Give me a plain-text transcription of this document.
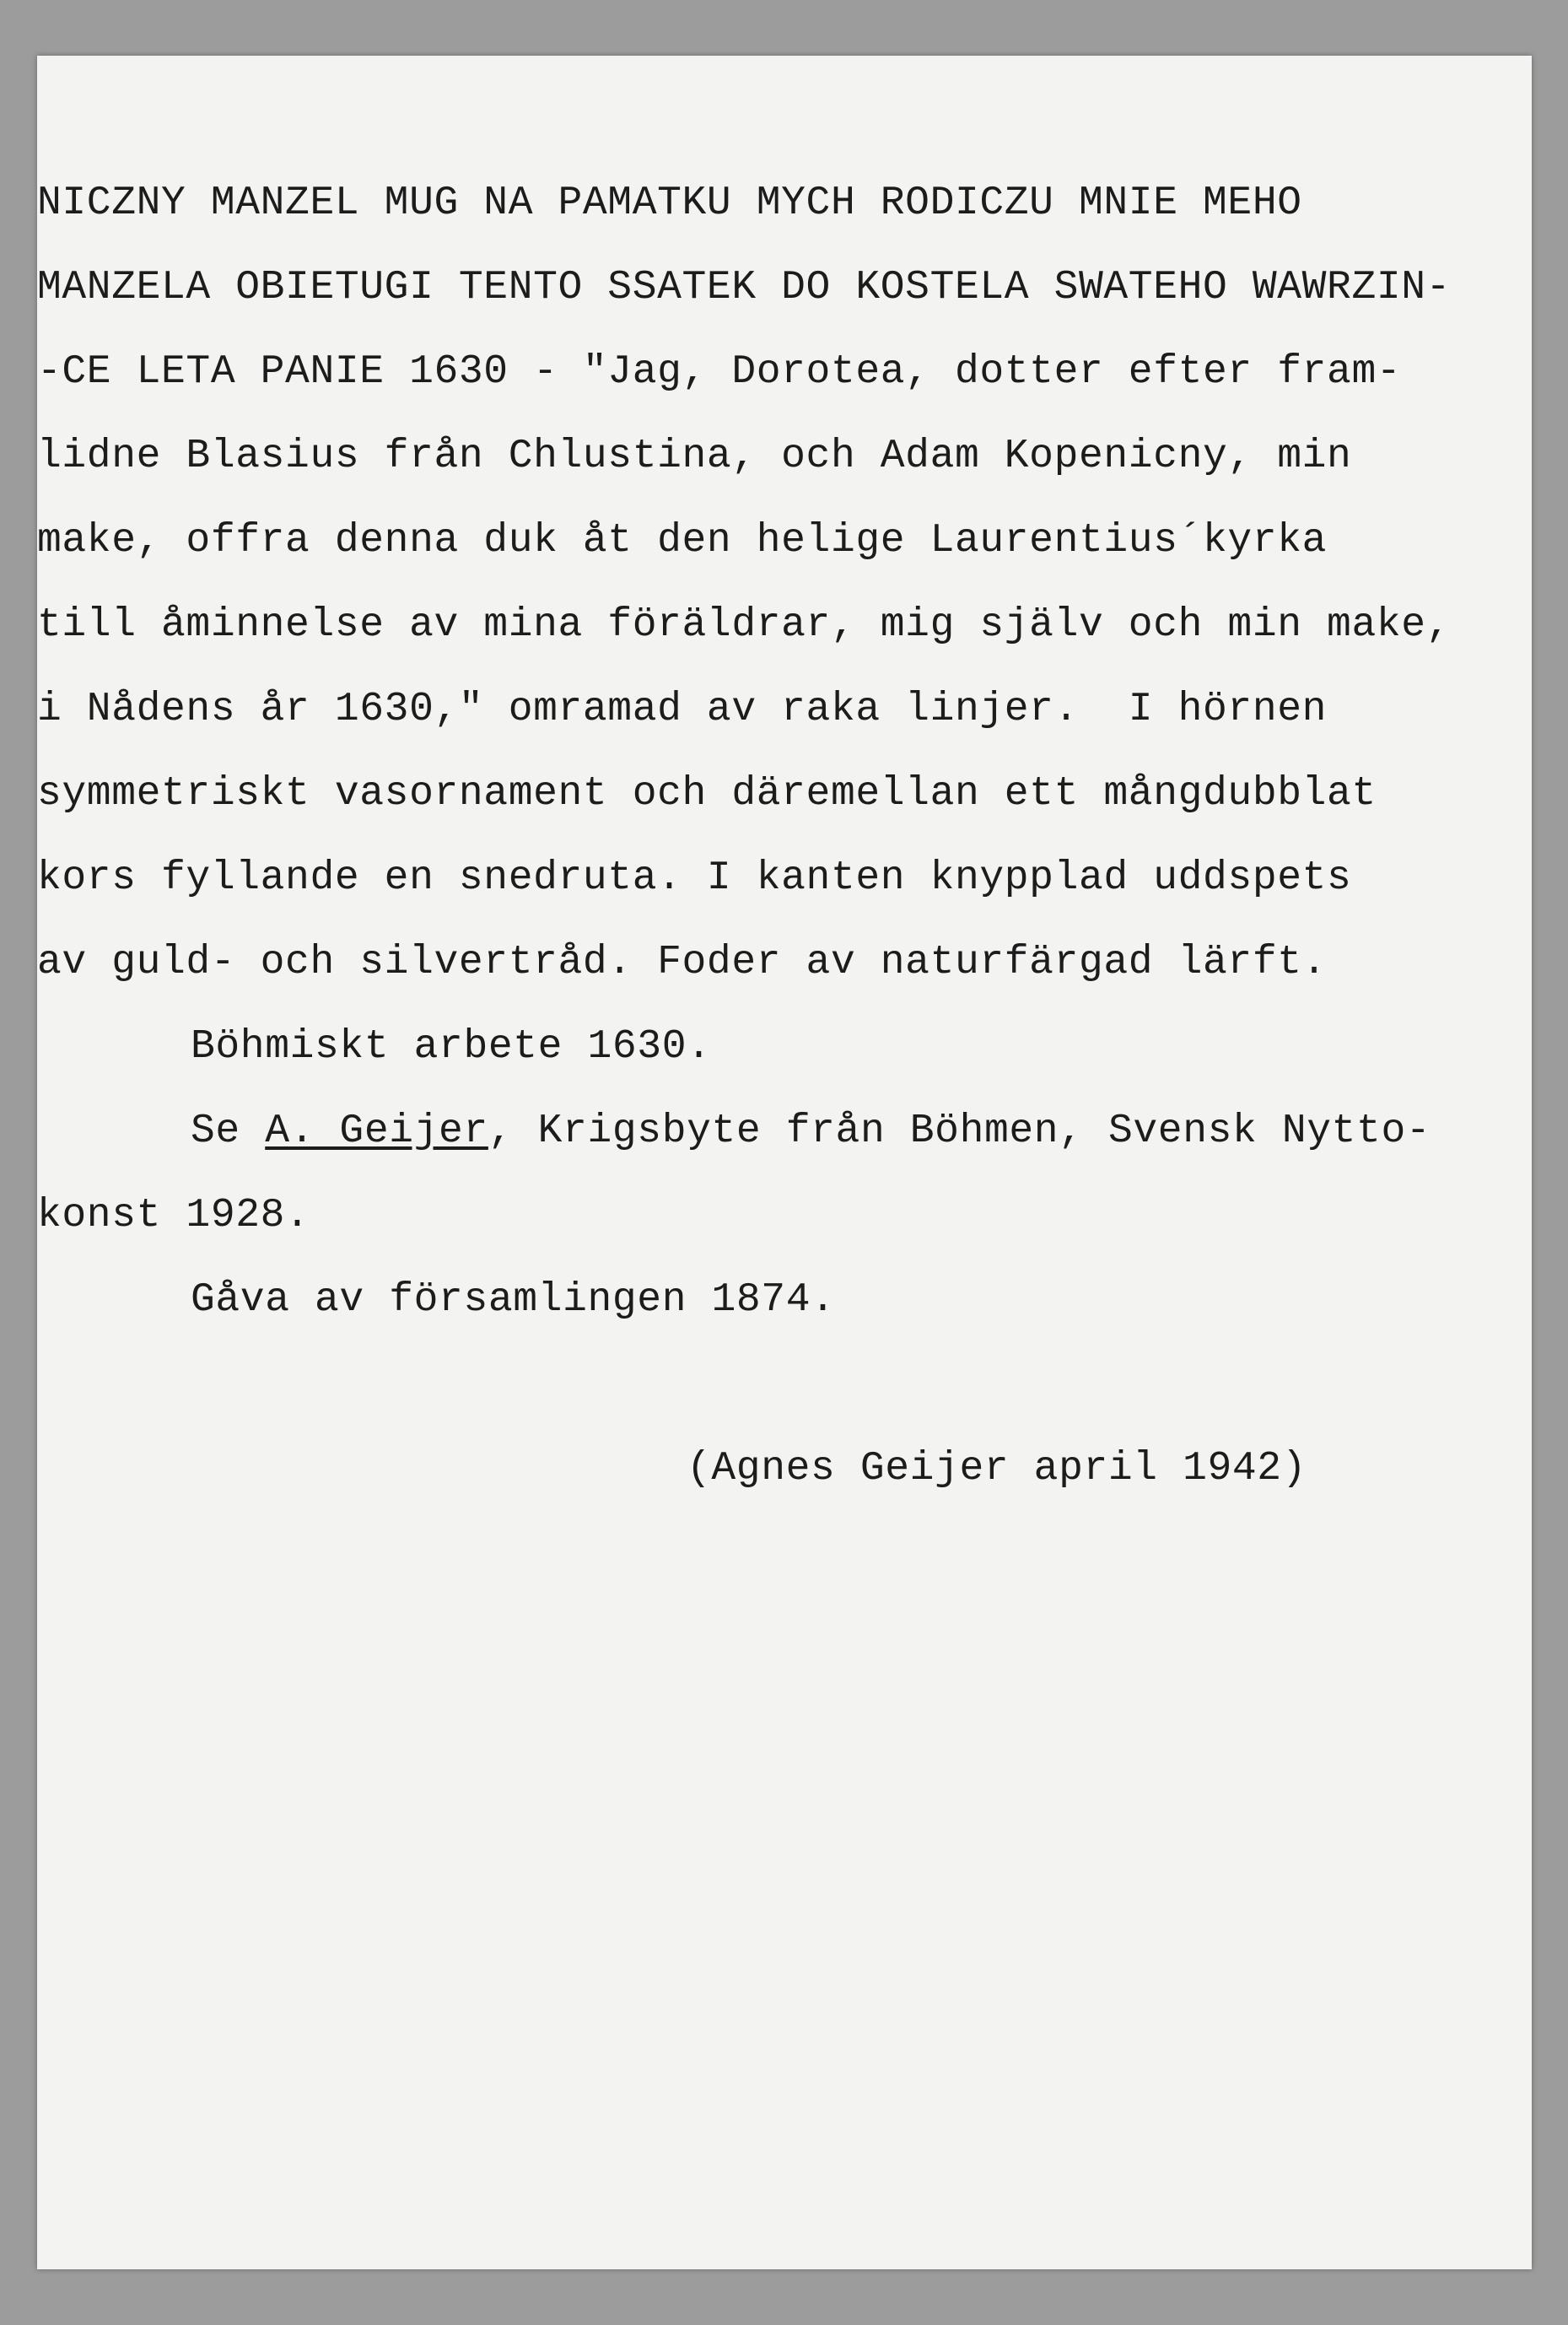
NICZNY MANZEL MUG NA PAMATKU MYCH RODICZU MNIE MEHO

MANZELA OBIETUGI TENTO SSATEK DO KOSTELA SWATEHO WAWRZIN-

-CE LETA PANIE 1630 - "Jag, Dorotea, dotter efter fram-

lidne Blasius från Chlustina, och Adam Kopenicny, min

make, offra denna duk åt den helige Laurentius´kyrka

till åminnelse av mina föräldrar, mig själv och min make,

i Nådens år 1630," omramad av raka linjer.  I hörnen

symmetriskt vasornament och däremellan ett mångdubblat

kors fyllande en snedruta. I kanten knypplad uddspets

av guld- och silvertråd. Foder av naturfärgad lärft.

Böhmiskt arbete 1630.

Se A. Geijer, Krigsbyte från Böhmen, Svensk Nytto-

konst 1928.

Gåva av församlingen 1874.

(Agnes Geijer april 1942)
